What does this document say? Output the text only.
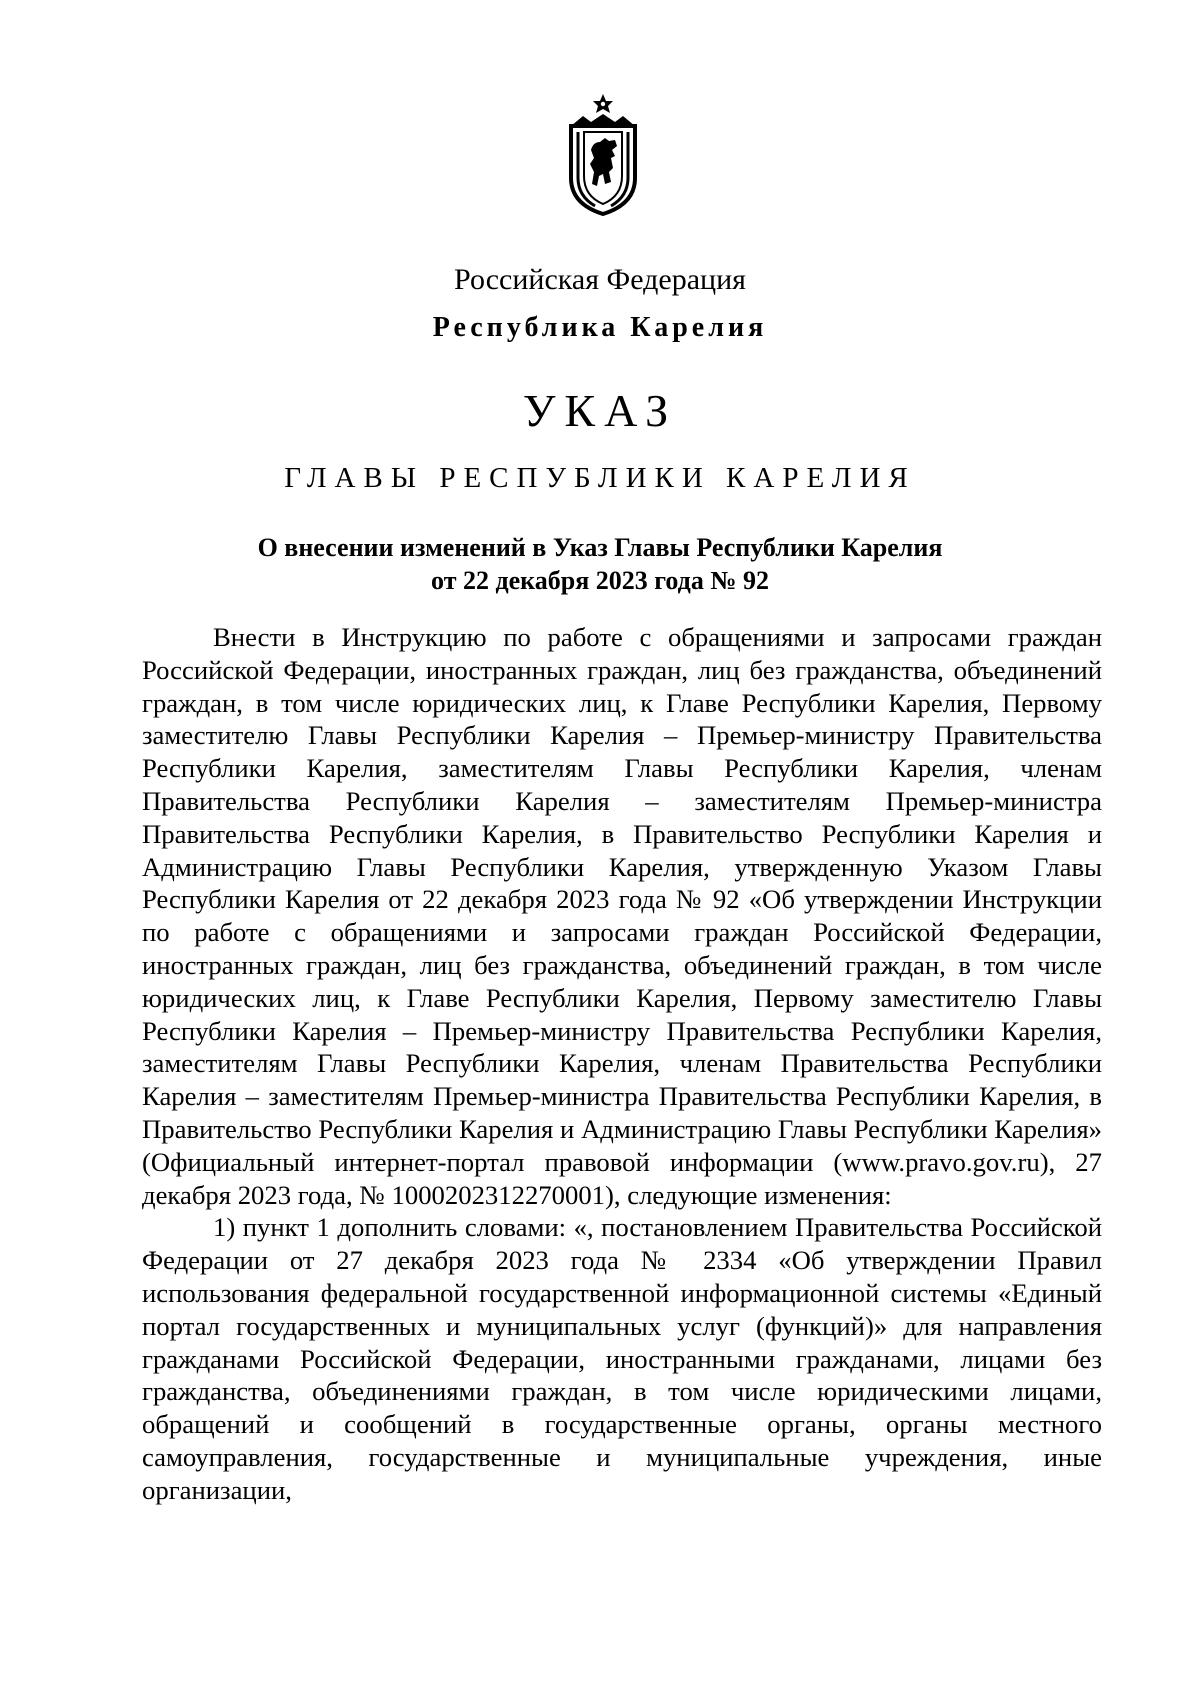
Российская Федерация
Республика Карелия
УКАЗ
ГЛАВЫ РЕСПУБЛИКИ КАРЕЛИЯ
О внесении изменений в Указ Главы Республики Карелия
от 22 декабря 2023 года № 92

Внести в Инструкцию по работе с обращениями и запросами граждан Российской Федерации, иностранных граждан, лиц без гражданства, объединений граждан, в том числе юридических лиц, к Главе Республики Карелия, Первому заместителю Главы Республики Карелия – Премьер-министру Правительства Республики Карелия, заместителям Главы Республики Карелия, членам Правительства Республики Карелия – заместителям Премьер-министра Правительства Республики Карелия, в Правительство Республики Карелия и Администрацию Главы Республики Карелия, утвержденную Указом Главы Республики Карелия от 22 декабря 2023 года № 92 «Об утверждении Инструкции по работе с обращениями и запросами граждан Российской Федерации, иностранных граждан, лиц без гражданства, объединений граждан, в том числе юридических лиц, к Главе Республики Карелия, Первому заместителю Главы Республики Карелия – Премьер-министру Правительства Республики Карелия, заместителям Главы Республики Карелия, членам Правительства Республики Карелия – заместителям Премьер-министра Правительства Республики Карелия, в Правительство Республики Карелия и Администрацию Главы Республики Карелия» (Официальный интернет-портал правовой информации (www.pravo.gov.ru), 27 декабря 2023 года, № 1000202312270001), следующие изменения:

1) пункт 1 дополнить словами: «, постановлением Правительства Российской Федерации от 27 декабря 2023 года № 2334 «Об утверждении Правил использования федеральной государственной информационной системы «Единый портал государственных и муниципальных услуг (функций)» для направления гражданами Российской Федерации, иностранными гражданами, лицами без гражданства, объединениями граждан, в том числе юридическими лицами, обращений и сообщений в государственные органы, органы местного самоуправления, государственные и муниципальные учреждения, иные организации,
